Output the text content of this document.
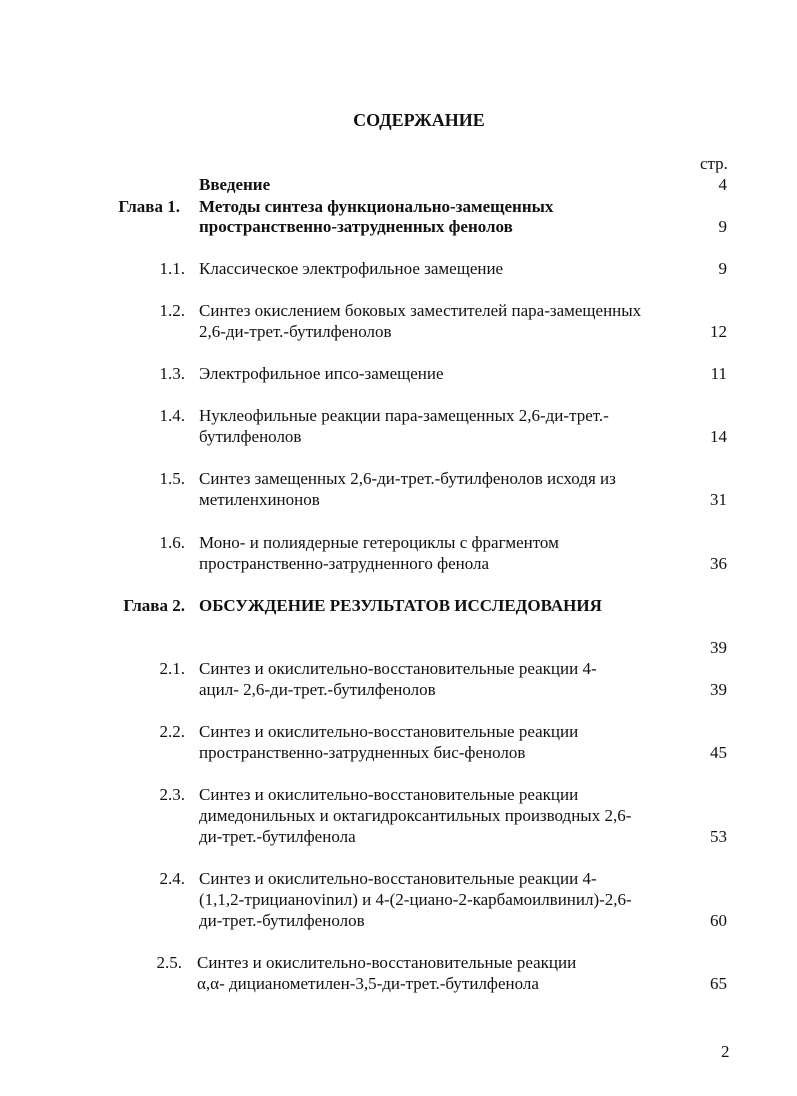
СОДЕРЖАНИЕ
стр.
Введение	4
Глава 1. Методы синтеза функционально-замещенных
пространственно-затрудненных фенолов	9
1.1. Классическое электрофильное замещение	9
1.2. Синтез окислением боковых заместителей пара-замещенных
2,6-ди-трет.-бутилфенолов	12
1.3. Электрофильное ипсо-замещение	11
1.4. Нуклеофильные реакции пара-замещенных 2,6-ди-трет.-
бутилфенолов	14
1.5. Синтез замещенных 2,6-ди-трет.-бутилфенолов исходя из
метиленхинонов	31
1.6. Моно- и полиядерные гетероциклы с фрагментом
пространственно-затрудненного фенола	36
Глава 2. ОБСУЖДЕНИЕ РЕЗУЛЬТАТОВ ИССЛЕДОВАНИЯ
39
2.1. Синтез и окислительно-восстановительные реакции 4-
ацил- 2,6-ди-трет.-бутилфенолов	39
2.2. Синтез и окислительно-восстановительные реакции
пространственно-затрудненных бис-фенолов	45
2.3. Синтез и окислительно-восстановительные реакции
димедонильных и октагидроксантильных производных 2,6-
ди-трет.-бутилфенола	53
2.4. Синтез и окислительно-восстановительные реакции 4-
(1,1,2-трицианоvinил) и 4-(2-циано-2-карбамоилвинил)-2,6-
ди-трет.-бутилфенолов	60
2.5. Синтез и окислительно-восстановительные реакции
α,α- дицианометилен-3,5-ди-трет.-бутилфенола	65
2
